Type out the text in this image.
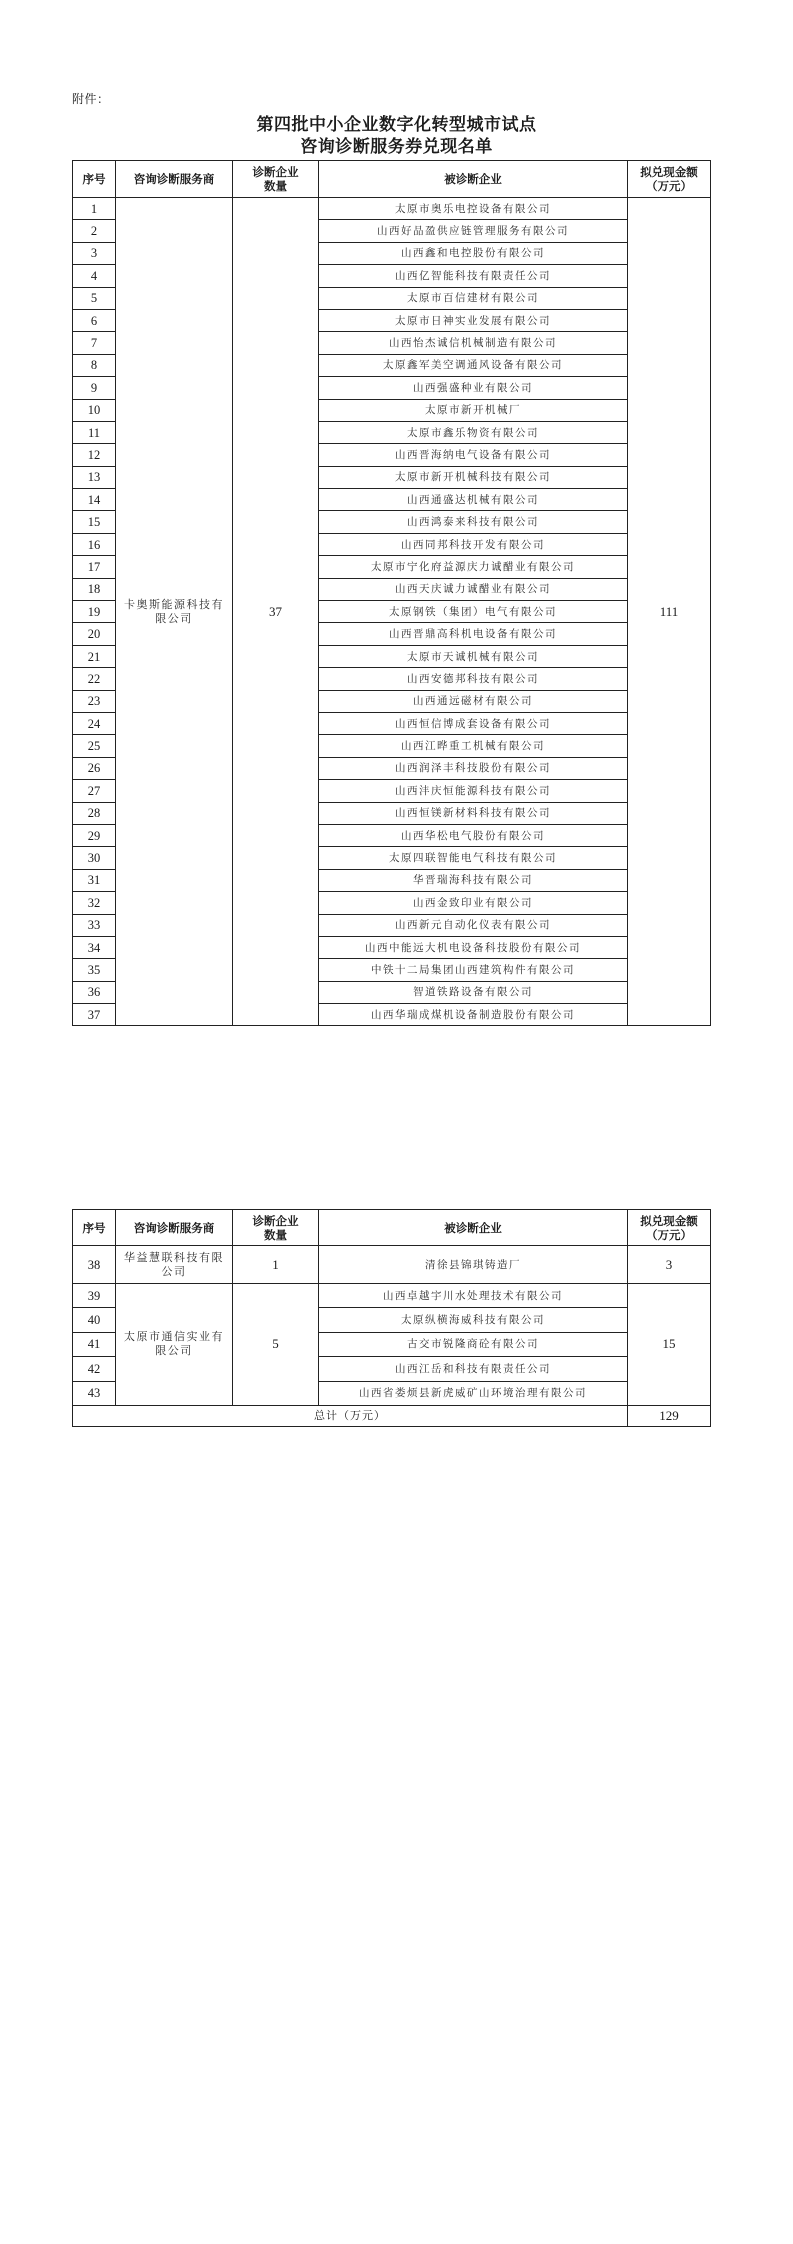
附件：
第四批中小企业数字化转型城市试点
咨询诊断服务券兑现名单
序号	咨询诊断服务商	诊断企业数量	被诊断企业	拟兑现金额（万元）
1	卡奥斯能源科技有限公司	37	太原市奥乐电控设备有限公司	111
2			山西好品盈供应链管理服务有限公司	
3			山西鑫和电控股份有限公司	
4			山西亿智能科技有限责任公司	
5			太原市百信建材有限公司	
6			太原市日神实业发展有限公司	
7			山西怡杰诚信机械制造有限公司	
8			太原鑫军美空调通风设备有限公司	
9			山西强盛种业有限公司	
10			太原市新开机械厂	
11			太原市鑫乐物资有限公司	
12			山西晋海纳电气设备有限公司	
13			太原市新开机械科技有限公司	
14			山西通盛达机械有限公司	
15			山西鸿泰来科技有限公司	
16			山西同邦科技开发有限公司	
17			太原市宁化府益源庆力诚醋业有限公司	
18			山西天庆诚力诚醋业有限公司	
19			太原钢铁（集团）电气有限公司	
20			山西晋鼎高科机电设备有限公司	
21			太原市天诚机械有限公司	
22			山西安德邦科技有限公司	
23			山西通远磁材有限公司	
24			山西恒信博成套设备有限公司	
25			山西江晔重工机械有限公司	
26			山西润泽丰科技股份有限公司	
27			山西沣庆恒能源科技有限公司	
28			山西恒镁新材料科技有限公司	
29			山西华松电气股份有限公司	
30			太原四联智能电气科技有限公司	
31			华晋瑞海科技有限公司	
32			山西金致印业有限公司	
33			山西新元自动化仪表有限公司	
34			山西中能远大机电设备科技股份有限公司	
35			中铁十二局集团山西建筑构件有限公司	
36			智道铁路设备有限公司	
37			山西华瑞成煤机设备制造股份有限公司	
序号	咨询诊断服务商	诊断企业数量	被诊断企业	拟兑现金额（万元）
38	华益慧联科技有限公司	1	清徐县锦琪铸造厂	3
39	太原市通信实业有限公司	5	山西卓越宇川水处理技术有限公司	15
40			太原纵横海威科技有限公司	
41			古交市锐隆商砼有限公司	
42			山西江岳和科技有限责任公司	
43			山西省娄烦县新虎威矿山环境治理有限公司	
总计（万元）				129
